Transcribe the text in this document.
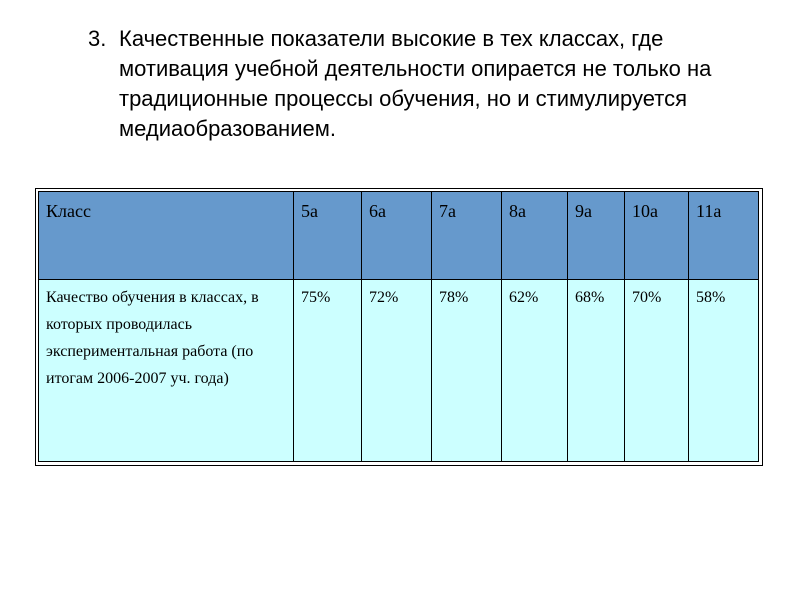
3. Качественные показатели высокие в тех классах, где мотивация учебной деятельности опирается не только на традиционные процессы обучения, но и стимулируется медиаобразованием.
Класс	5а	6а	7а	8а	9а	10а	11а
Качество обучения в классах, в которых проводилась экспериментальная работа (по итогам 2006-2007 уч. года)	75%	72%	78%	62%	68%	70%	58%
